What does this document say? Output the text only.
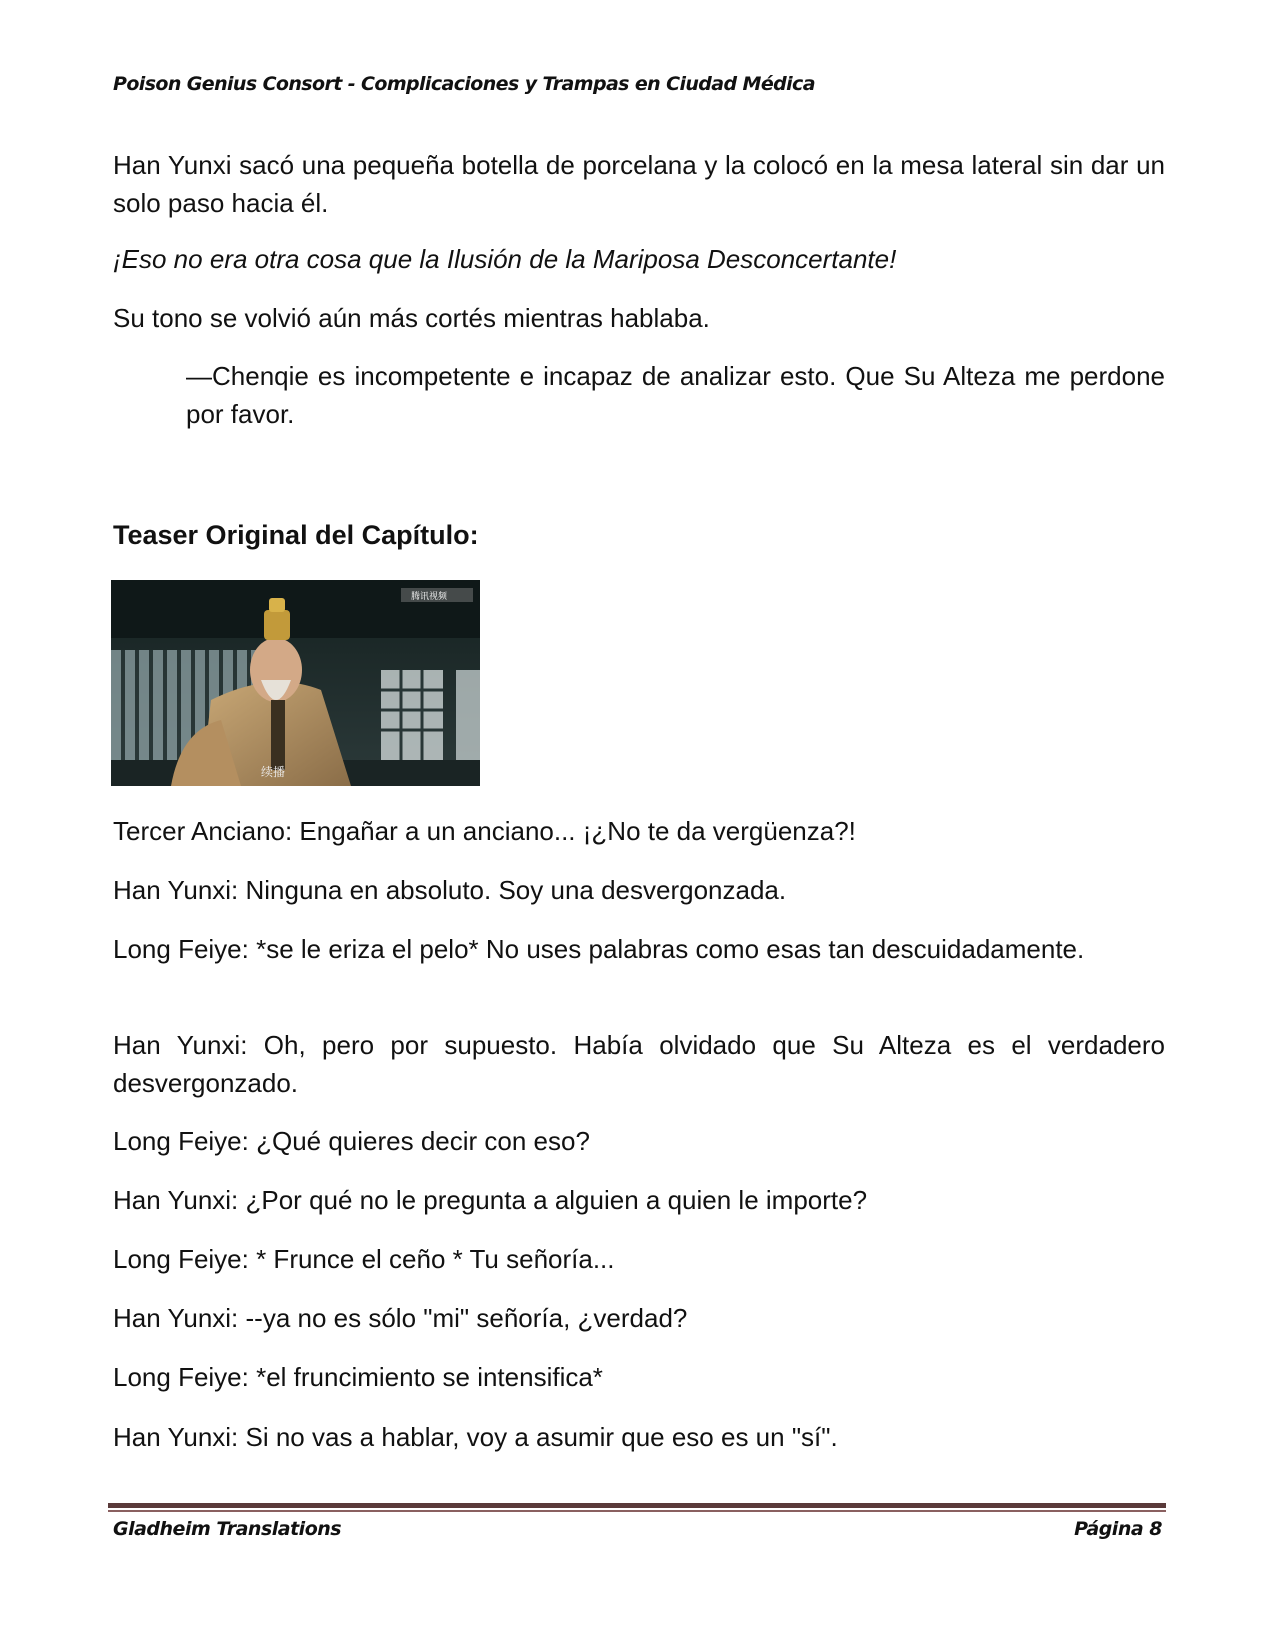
Poison Genius Consort - Complicaciones y Trampas en Ciudad Médica

Han Yunxi sacó una pequeña botella de porcelana y la colocó en la mesa lateral sin dar un solo paso hacia él.

¡Eso no era otra cosa que la Ilusión de la Mariposa Desconcertante!

Su tono se volvió aún más cortés mientras hablaba.

—Chenqie es incompetente e incapaz de analizar esto. Que Su Alteza me perdone por favor.

Teaser Original del Capítulo:
腾讯视频
续播

Tercer Anciano: Engañar a un anciano... ¡¿No te da vergüenza?!

Han Yunxi: Ninguna en absoluto. Soy una desvergonzada.

Long Feiye: *se le eriza el pelo* No uses palabras como esas tan descuidadamente.

Han Yunxi: Oh, pero por supuesto. Había olvidado que Su Alteza es el verdadero desvergonzado.

Long Feiye: ¿Qué quieres decir con eso?

Han Yunxi: ¿Por qué no le pregunta a alguien a quien le importe?

Long Feiye: * Frunce el ceño * Tu señoría...

Han Yunxi: --ya no es sólo "mi" señoría, ¿verdad?

Long Feiye: *el fruncimiento se intensifica*

Han Yunxi: Si no vas a hablar, voy a asumir que eso es un "sí".

Gladheim Translations	Página 8
